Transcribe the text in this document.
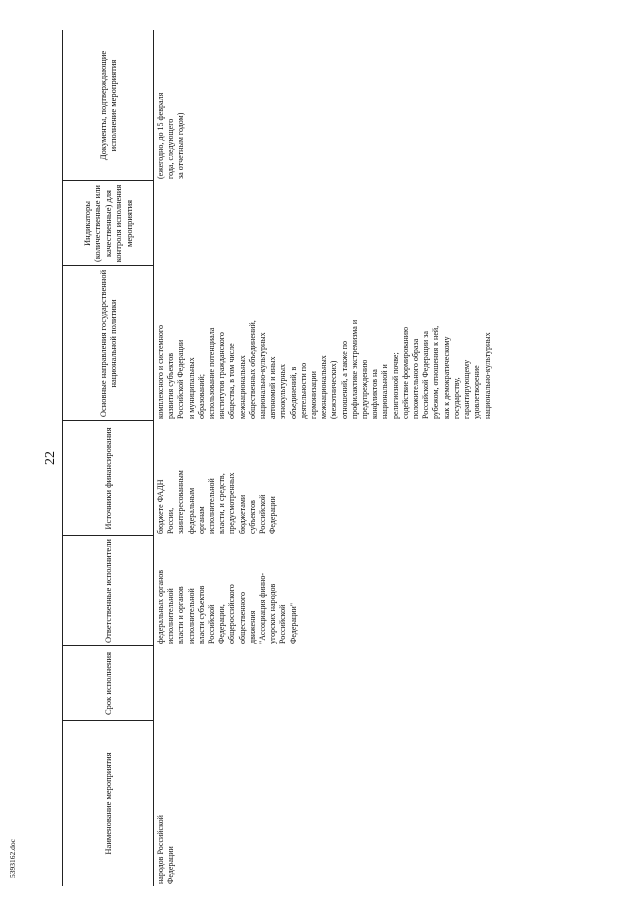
22
5393162.doc
Наименование мероприятия
Срок исполнения
Ответственные исполнители
Источники финансирования
Основные направления государственной национальной политики
Индикаторы (количественные или качественные) для контроля исполнения мероприятия
Документы, подтверждающие исполнение мероприятия
народов Российской
Федерации
федеральных органов
исполнительной
власти и органов
исполнительной
власти субъектов
Российской
Федерации,
общероссийского
общественного
движения
"Ассоциация финно-
угорских народов
Российской
Федерации"
бюджете ФАДН
России,
заинтересованным
федеральным
органам
исполнительной
власти, и средств,
предусмотренных
бюджетами
субъектов
Российской
Федерации
комплексного и системного
развития субъектов
Российской Федерации
и муниципальных
образований;
использование потенциала
институтов гражданского
общества, в том числе
межнациональных
общественных объединений,
национально-культурных
автономий и иных
этнокультурных
объединений, в
деятельности по
гармонизации
межнациональных
(межэтнических)
отношений, а также по
профилактике экстремизма и
предупреждению
конфликтов на
национальной и
религиозной почве;
содействие формированию
положительного образа
Российской Федерации за
рубежом, отношения к ней,
как к демократическому
государству,
гарантирующему
удовлетворение
национально-культурных
(ежегодно, до 15 февраля
года, следующего
за отчетным годом)
